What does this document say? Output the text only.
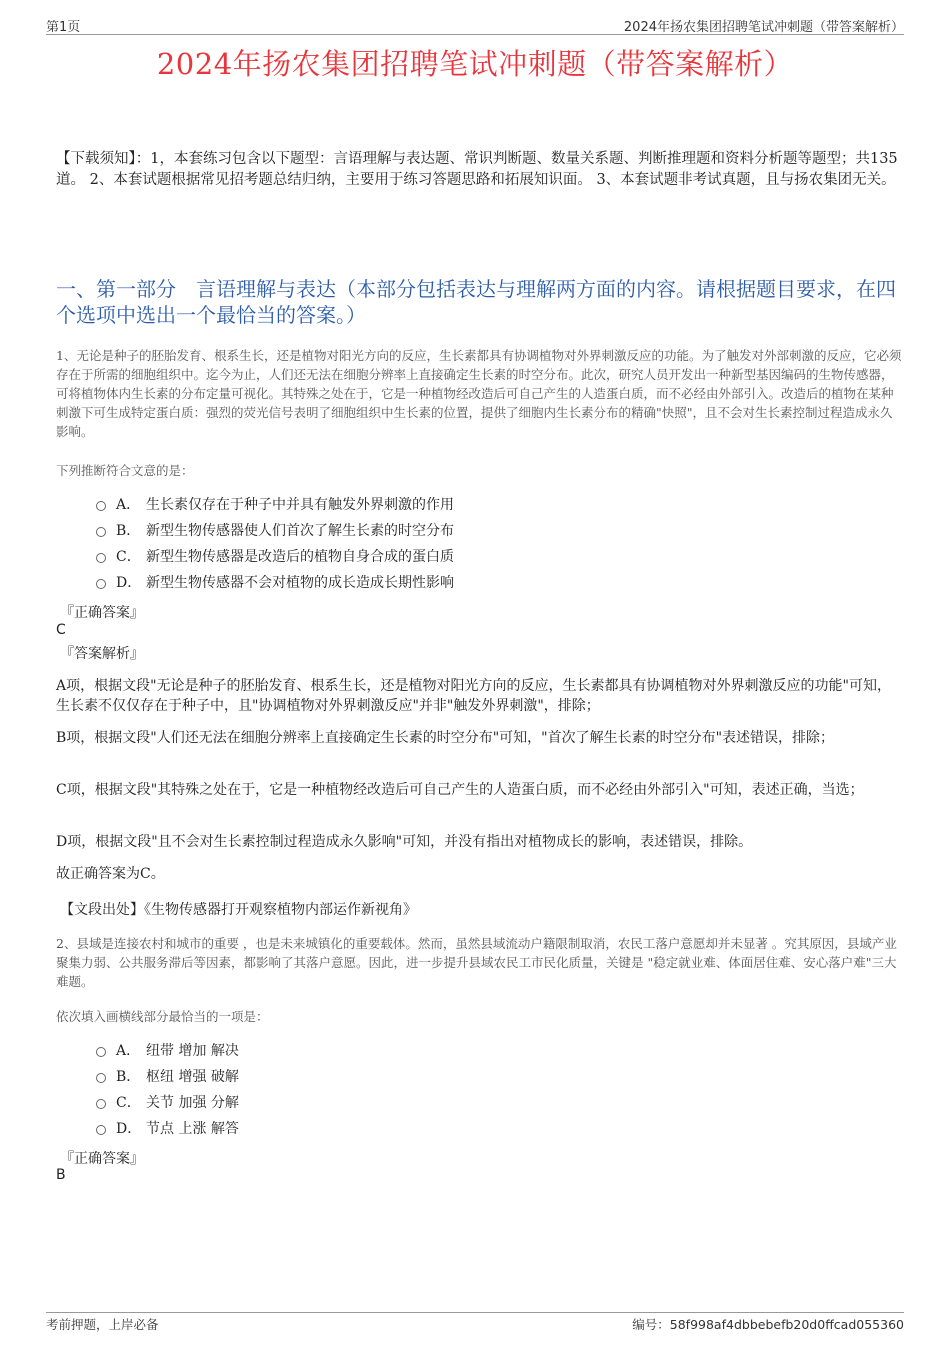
第1页	2024年扬农集团招聘笔试冲刺题（带答案解析）
2024年扬农集团招聘笔试冲刺题（带答案解析）
【下载须知】：1，本套练习包含以下题型：言语理解与表达题、常识判断题、数量关系题、判断推理题和资料分析题等题型；共135道。 2、本套试题根据常见招考题总结归纳，主要用于练习答题思路和拓展知识面。 3、本套试题非考试真题，且与扬农集团无关。
一、第一部分　言语理解与表达（本部分包括表达与理解两方面的内容。请根据题目要求，在四个选项中选出一个最恰当的答案。）
1、无论是种子的胚胎发育、根系生长，还是植物对阳光方向的反应，生长素都具有协调植物对外界刺激反应的功能。为了触发对外部刺激的反应，它必须存在于所需的细胞组织中。迄今为止，人们还无法在细胞分辨率上直接确定生长素的时空分布。此次，研究人员开发出一种新型基因编码的生物传感器，可将植物体内生长素的分布定量可视化。其特殊之处在于，它是一种植物经改造后可自己产生的人造蛋白质，而不必经由外部引入。改造后的植物在某种刺激下可生成特定蛋白质：强烈的荧光信号表明了细胞组织中生长素的位置，提供了细胞内生长素分布的精确"快照"，且不会对生长素控制过程造成永久影响。
下列推断符合文意的是：
A． 生长素仅存在于种子中并具有触发外界刺激的作用
B． 新型生物传感器使人们首次了解生长素的时空分布
C． 新型生物传感器是改造后的植物自身合成的蛋白质
D． 新型生物传感器不会对植物的成长造成长期性影响
『正确答案』
C
『答案解析』
A项，根据文段"无论是种子的胚胎发育、根系生长，还是植物对阳光方向的反应，生长素都具有协调植物对外界刺激反应的功能"可知，生长素不仅仅存在于种子中，且"协调植物对外界刺激反应"并非"触发外界刺激"，排除；
B项，根据文段"人们还无法在细胞分辨率上直接确定生长素的时空分布"可知，"首次了解生长素的时空分布"表述错误，排除；
C项，根据文段"其特殊之处在于，它是一种植物经改造后可自己产生的人造蛋白质，而不必经由外部引入"可知，表述正确，当选；
D项，根据文段"且不会对生长素控制过程造成永久影响"可知，并没有指出对植物成长的影响，表述错误，排除。
故正确答案为C。
【文段出处】《生物传感器打开观察植物内部运作新视角》
2、县域是连接农村和城市的重要 ，也是未来城镇化的重要载体。然而，虽然县域流动户籍限制取消，农民工落户意愿却并未显著 。究其原因，县域产业聚集力弱、公共服务滞后等因素，都影响了其落户意愿。因此，进一步提升县域农民工市民化质量，关键是 "稳定就业难、体面居住难、安心落户难"三大难题。
依次填入画横线部分最恰当的一项是：
A． 纽带 增加 解决
B． 枢纽 增强 破解
C． 关节 加强 分解
D． 节点 上涨 解答
『正确答案』
B
考前押题，上岸必备	编号：58f998af4dbbebefb20d0ffcad055360
